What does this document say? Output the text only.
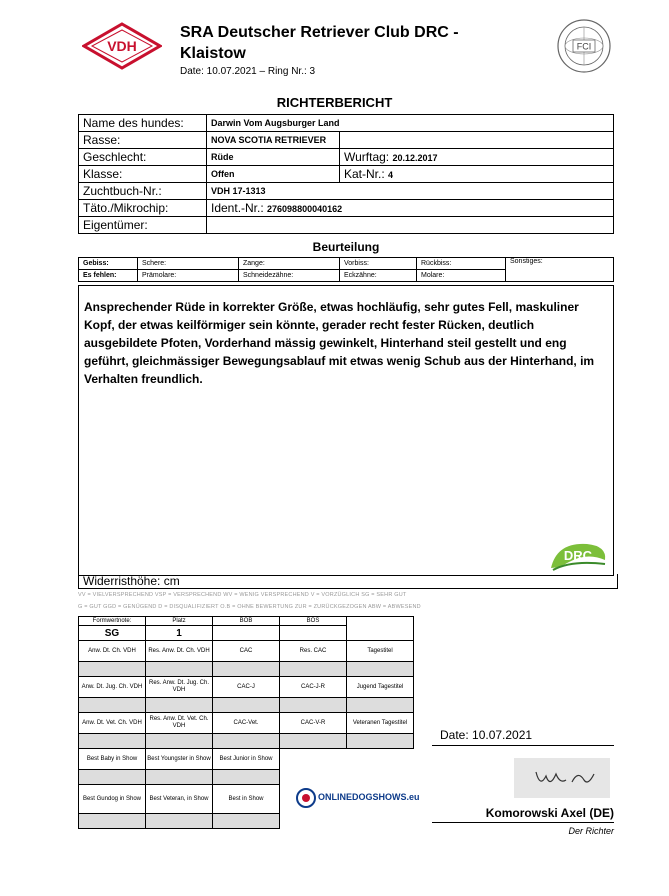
VDH
SRA Deutscher Retriever Club DRC -
Klaistow
Date: 10.07.2021 – Ring Nr.: 3
FCI
RICHTERBERICHT
Name des hundes:	Darwin Vom Augsburger Land	
Rasse:	NOVA SCOTIA RETRIEVER	
Geschlecht:	Rüde	Wurftag: 20.12.2017
Klasse:	Offen	Kat-Nr.: 4
Zuchtbuch-Nr.:	VDH 17-1313	
Täto./Mikrochip:	Ident.-Nr.: 276098800040162	
Eigentümer:		
Beurteilung
Gebiss:	Schere:	Zange:	Vorbiss:	Rückbiss:	Sonstiges:
Es fehlen:	Prämolare:	Schneidezähne:	Eckzähne:	Molare:	
Ansprechender Rüde in korrekter Größe, etwas hochläufig, sehr gutes Fell, maskuliner Kopf, der etwas keilförmiger sein könnte, gerader recht fester Rücken, deutlich ausgebildete Pfoten, Vorderhand mässig gewinkelt, Hinterhand steil gestellt und eng geführt, gleichmässiger Bewegungsablauf mit etwas wenig Schub aus der Hinterhand, im Verhalten freundlich.
DRC
Widerristhöhe: cm
VV = VIELVERSPRECHEND VSP = VERSPRECHEND WV = WENIG VERSPRECHEND V = VORZÜGLICH SG = SEHR GUT
G = GUT GGD = GENÜGEND D = DISQUALIFIZIERT O.B = OHNE BEWERTUNG ZUR = ZURÜCKGEZOGEN ABW = ABWESEND
Formwertnote:	Platz	BOB	BOS	
SG	1			
Anw. Dt. Ch. VDH	Res. Anw. Dt. Ch. VDH	CAC	Res. CAC	Tagestitel

Anw. Dt. Jug. Ch. VDH	Res. Anw. Dt. Jug. Ch. VDH	CAC-J	CAC-J-R	Jugend Tagestitel

Anw. Dt. Vet. Ch. VDH	Res. Anw. Dt. Vet. Ch. VDH	CAC-Vet.	CAC-V-R	Veteranen Tagestitel

Best Baby in Show	Best Youngster in Show	Best Junior in Show		

Best Gundog in Show	Best Veteran, in Show	Best in Show		
					ONLINEDOGSHOWS.eu
Date: 10.07.2021
Komorowski Axel (DE)
Der Richter
